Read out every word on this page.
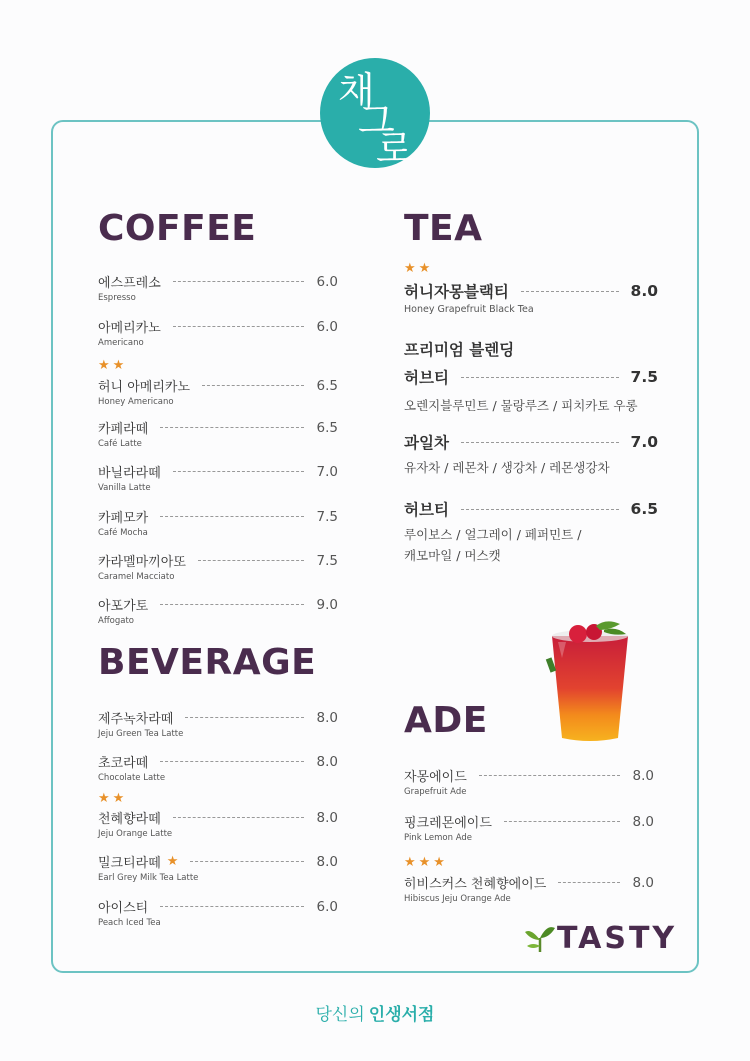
채
그
로
COFFEE
에스프레소	6.0
Espresso
아메리카노	6.0
Americano
★★
허니 아메리카노	6.5
Honey Americano
카페라떼	6.5
Café Latte
바닐라라떼	7.0
Vanilla Latte
카페모카	7.5
Café Mocha
카라멜마끼아또	7.5
Caramel Macciato
아포가토	9.0
Affogato
BEVERAGE
제주녹차라떼	8.0
Jeju Green Tea Latte
초코라떼	8.0
Chocolate Latte
★★
천혜향라떼	8.0
Jeju Orange Latte
밀크티라떼 ★	8.0
Earl Grey Milk Tea Latte
아이스티	6.0
Peach Iced Tea
TEA
★★
허니자몽블랙티	8.0
Honey Grapefruit Black Tea
프리미엄 블렌딩
허브티	7.5
오렌지블루민트 / 물랑루즈 / 피치카토 우롱
과일차	7.0
유자차 / 레몬차 / 생강차 / 레몬생강차
허브티	6.5
루이보스 / 얼그레이 / 페퍼민트 /
캐모마일 / 머스캣
ADE
자몽에이드	8.0
Grapefruit Ade
핑크레몬에이드	8.0
Pink Lemon Ade
★★★
히비스커스 천혜향에이드	8.0
Hibiscus Jeju Orange Ade
TASTY
당신의 인생서점
